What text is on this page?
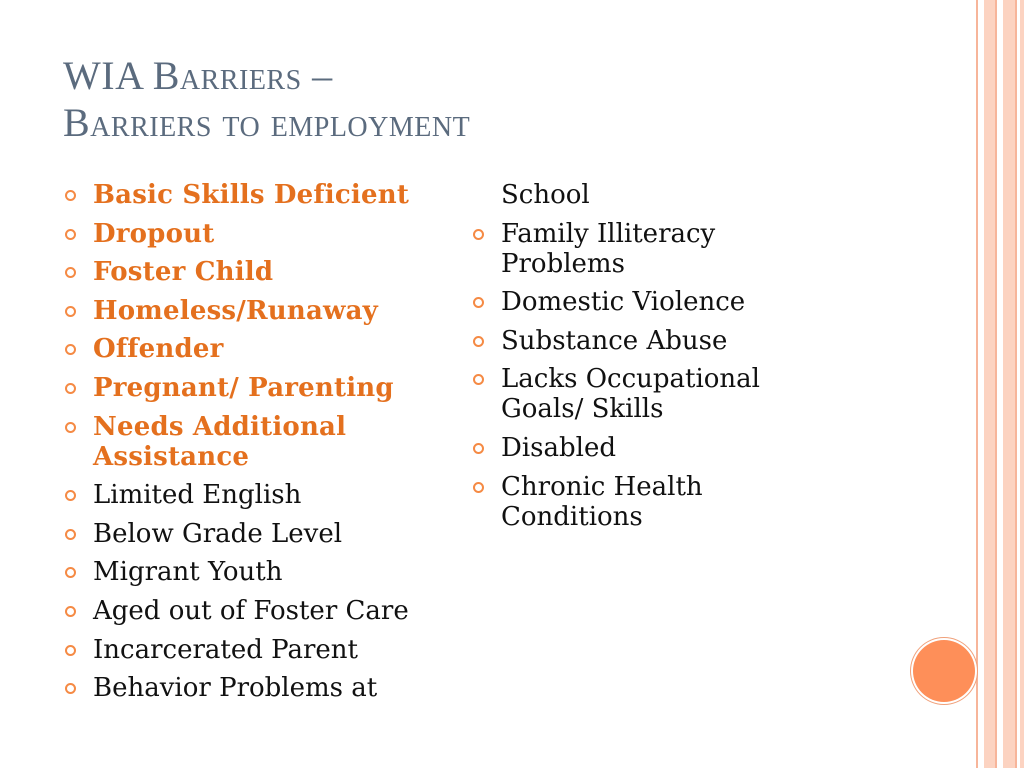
WIA Barriers –
Barriers to employment
Basic Skills Deficient
Dropout
Foster Child
Homeless/Runaway
Offender
Pregnant/ Parenting
Needs Additional Assistance
Limited English
Below Grade Level
Migrant Youth
Aged out of Foster Care
Incarcerated Parent
Behavior Problems at
School
Family Illiteracy Problems
Domestic Violence
Substance Abuse
Lacks Occupational Goals/ Skills
Disabled
Chronic Health Conditions
